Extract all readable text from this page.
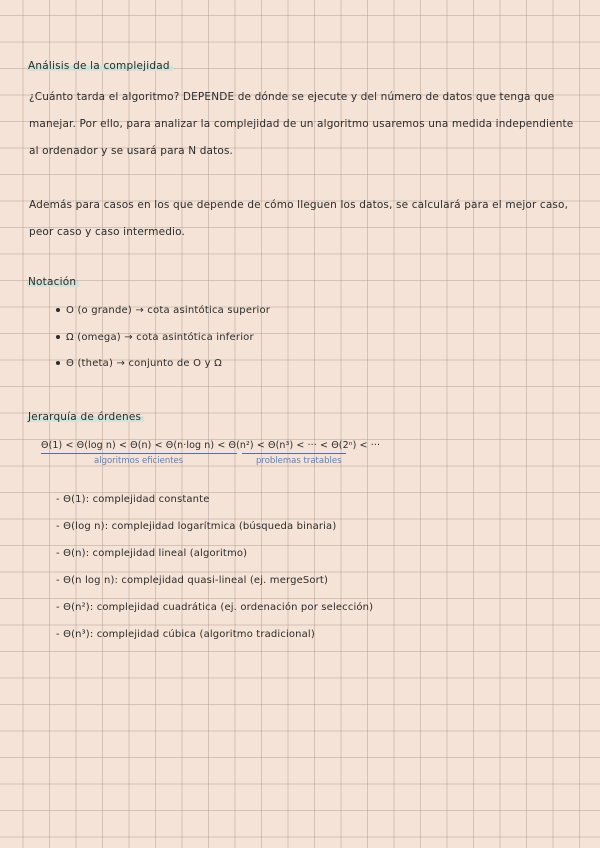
Análisis de la complejidad
¿Cuánto tarda el algoritmo? DEPENDE de dónde se ejecute y del número de datos que tenga que manejar. Por ello, para analizar la complejidad de un algoritmo usaremos una medida independiente al ordenador y se usará para N datos.
Además para casos en los que depende de cómo lleguen los datos, se calculará para el mejor caso, peor caso y caso intermedio.
Notación
O (o grande) → cota asintótica superior
Ω (omega) → cota asintótica inferior
Θ (theta) → conjunto de O y Ω
Jerarquía de órdenes
Θ(1) < Θ(log n) < Θ(n) < Θ(n·log n) < Θ(n²) < Θ(n³) < ··· < Θ(2ⁿ) < ···
algoritmos eficientes	problemas tratables
- Θ(1): complejidad constante
- Θ(log n): complejidad logarítmica (búsqueda binaria)
- Θ(n): complejidad lineal (algoritmo)
- Θ(n log n): complejidad quasi-lineal (ej. mergeSort)
- Θ(n²): complejidad cuadrática (ej. ordenación por selección)
- Θ(n³): complejidad cúbica (algoritmo tradicional)
